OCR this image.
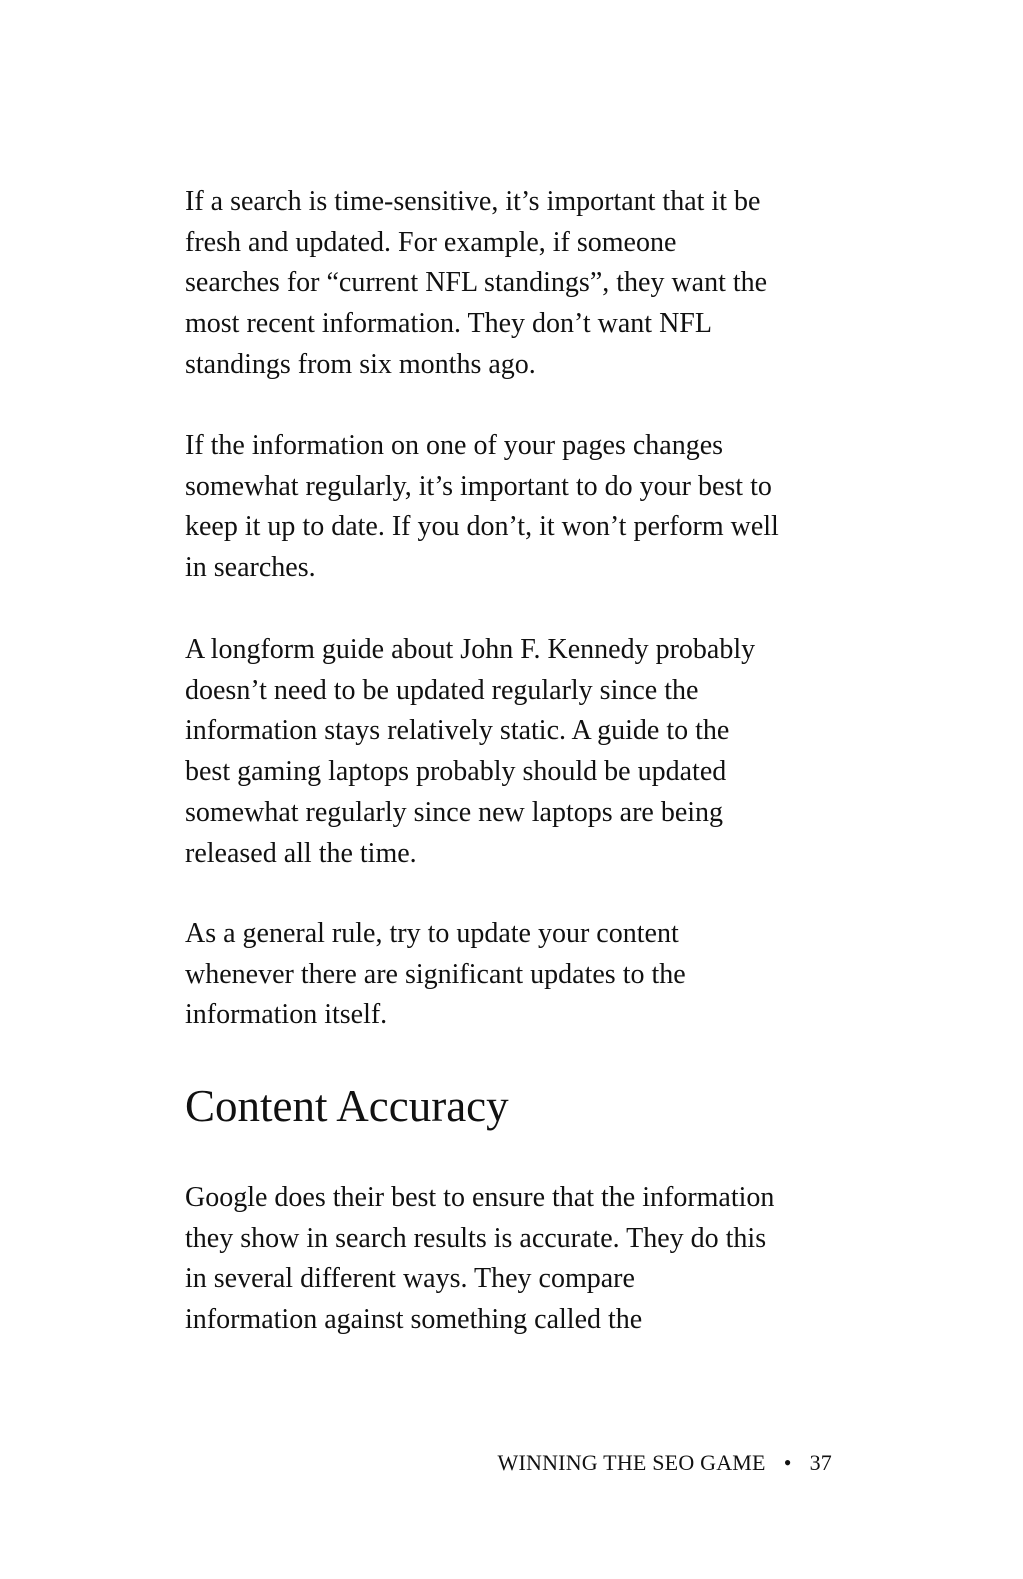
If a search is time-sensitive, it’s important that it be
fresh and updated. For example, if someone
searches for “current NFL standings”, they want the
most recent information. They don’t want NFL
standings from six months ago.
If the information on one of your pages changes
somewhat regularly, it’s important to do your best to
keep it up to date. If you don’t, it won’t perform well
in searches.
A longform guide about John F. Kennedy probably
doesn’t need to be updated regularly since the
information stays relatively static. A guide to the
best gaming laptops probably should be updated
somewhat regularly since new laptops are being
released all the time.
As a general rule, try to update your content
whenever there are significant updates to the
information itself.
Content Accuracy
Google does their best to ensure that the information
they show in search results is accurate. They do this
in several different ways. They compare
information against something called the
WINNING THE SEO GAME • 37
